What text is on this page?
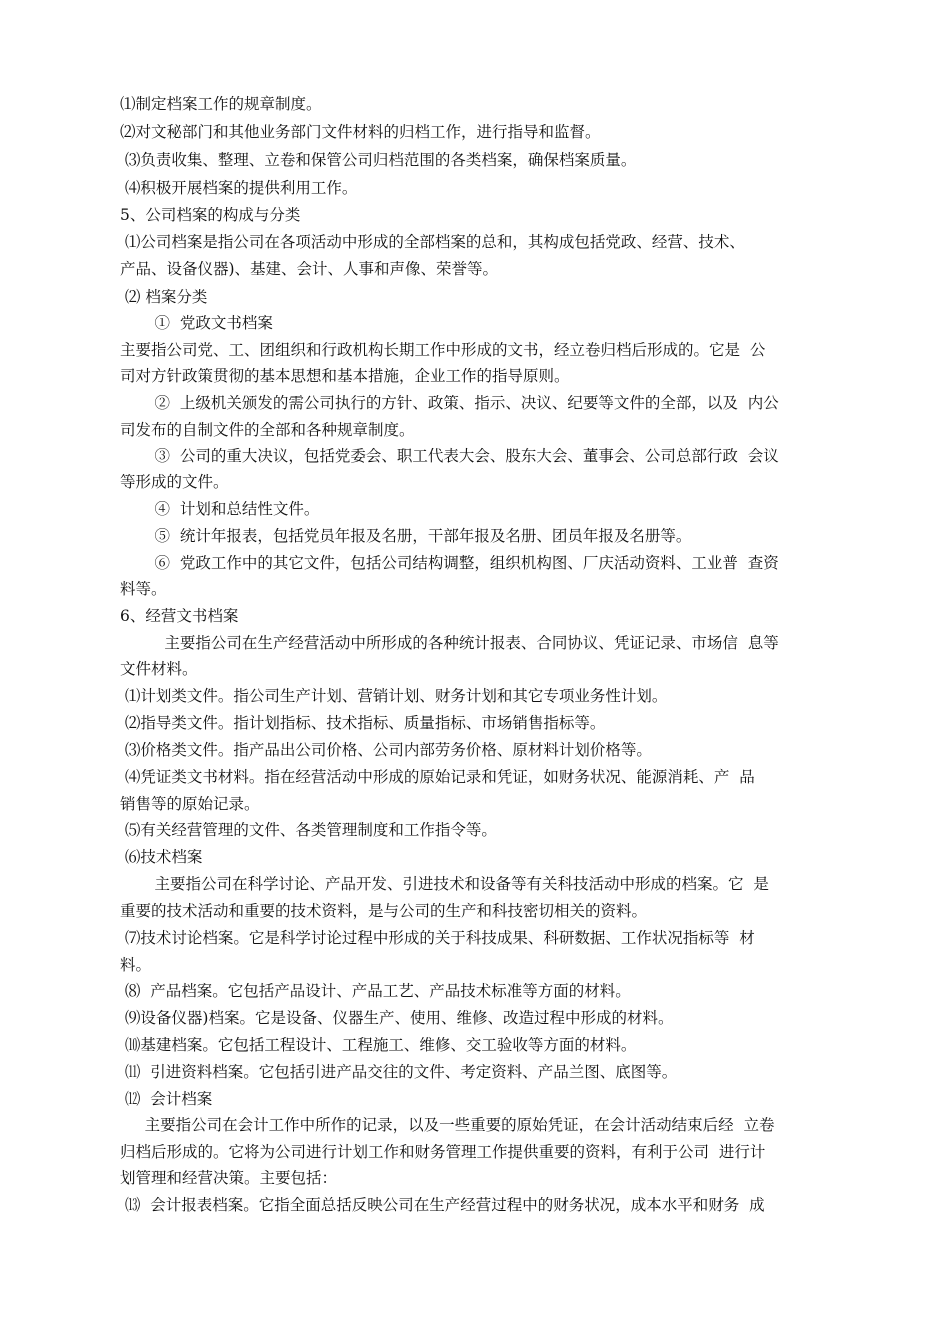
⑴制定档案工作的规章制度。
⑵对文秘部门和其他业务部门文件材料的归档工作，进行指导和监督。
⑶负责收集、整理、立卷和保管公司归档范围的各类档案，确保档案质量。
⑷积极开展档案的提供利用工作。
5、公司档案的构成与分类
⑴公司档案是指公司在各项活动中形成的全部档案的总和，其构成包括党政、经营、技术、
产品、设备仪器)、基建、会计、人事和声像、荣誉等。
⑵ 档案分类
①  党政文书档案
主要指公司党、工、团组织和行政机构长期工作中形成的文书，经立卷归档后形成的。它是  公
司对方针政策贯彻的基本思想和基本措施，企业工作的指导原则。
②  上级机关颁发的需公司执行的方针、政策、指示、决议、纪要等文件的全部，以及  内公
司发布的自制文件的全部和各种规章制度。
③  公司的重大决议，包括党委会、职工代表大会、股东大会、董事会、公司总部行政  会议
等形成的文件。
④  计划和总结性文件。
⑤  统计年报表，包括党员年报及名册，干部年报及名册、团员年报及名册等。
⑥  党政工作中的其它文件，包括公司结构调整，组织机构图、厂庆活动资料、工业普  查资
料等。
6、经营文书档案
主要指公司在生产经营活动中所形成的各种统计报表、合同协议、凭证记录、市场信  息等
文件材料。
⑴计划类文件。指公司生产计划、营销计划、财务计划和其它专项业务性计划。
⑵指导类文件。指计划指标、技术指标、质量指标、市场销售指标等。
⑶价格类文件。指产品出公司价格、公司内部劳务价格、原材料计划价格等。
⑷凭证类文书材料。指在经营活动中形成的原始记录和凭证，如财务状况、能源消耗、产  品
销售等的原始记录。
⑸有关经营管理的文件、各类管理制度和工作指令等。
⑹技术档案
主要指公司在科学讨论、产品开发、引进技术和设备等有关科技活动中形成的档案。它  是
重要的技术活动和重要的技术资料，是与公司的生产和科技密切相关的资料。
⑺技术讨论档案。它是科学讨论过程中形成的关于科技成果、科研数据、工作状况指标等  材
料。
⑻  产品档案。它包括产品设计、产品工艺、产品技术标准等方面的材料。
⑼设备仪器)档案。它是设备、仪器生产、使用、维修、改造过程中形成的材料。
⑽基建档案。它包括工程设计、工程施工、维修、交工验收等方面的材料。
⑾  引进资料档案。它包括引进产品交往的文件、考定资料、产品兰图、底图等。
⑿  会计档案
主要指公司在会计工作中所作的记录，以及一些重要的原始凭证，在会计活动结束后经  立卷
归档后形成的。它将为公司进行计划工作和财务管理工作提供重要的资料，有利于公司  进行计
划管理和经营决策。主要包括：
⒀  会计报表档案。它指全面总括反映公司在生产经营过程中的财务状况，成本水平和财务  成
